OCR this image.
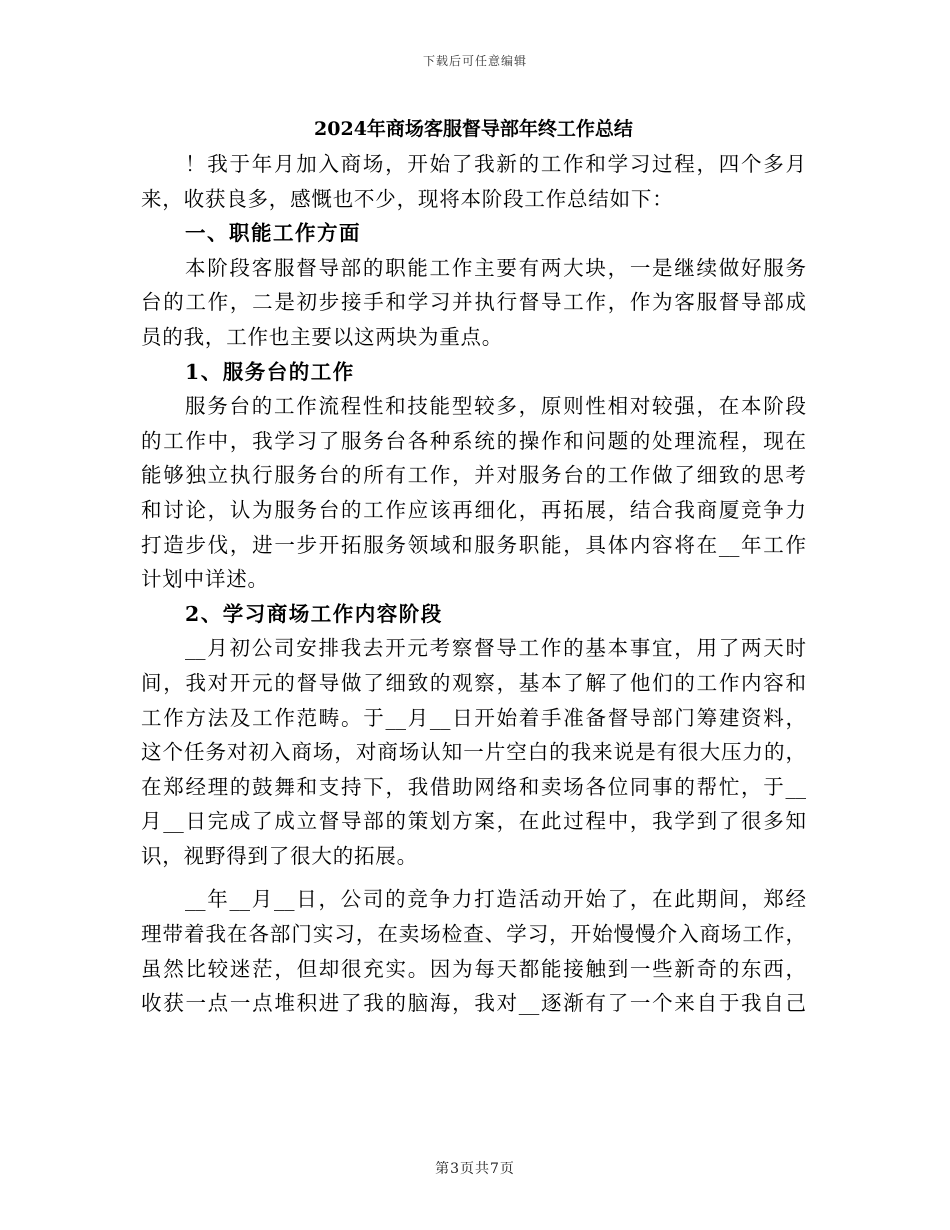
下载后可任意编辑
2024年商场客服督导部年终工作总结
！我于年月加入商场，开始了我新的工作和学习过程，四个多月
来，收获良多，感慨也不少，现将本阶段工作总结如下：
一、职能工作方面
本阶段客服督导部的职能工作主要有两大块，一是继续做好服务
台的工作，二是初步接手和学习并执行督导工作，作为客服督导部成
员的我，工作也主要以这两块为重点。
1、服务台的工作
服务台的工作流程性和技能型较多，原则性相对较强，在本阶段
的工作中，我学习了服务台各种系统的操作和问题的处理流程，现在
能够独立执行服务台的所有工作，并对服务台的工作做了细致的思考
和讨论，认为服务台的工作应该再细化，再拓展，结合我商厦竞争力
打造步伐，进一步开拓服务领域和服务职能，具体内容将在__年工作
计划中详述。
2、学习商场工作内容阶段
__月初公司安排我去开元考察督导工作的基本事宜，用了两天时
间，我对开元的督导做了细致的观察，基本了解了他们的工作内容和
工作方法及工作范畴。于__月__日开始着手准备督导部门筹建资料，
这个任务对初入商场，对商场认知一片空白的我来说是有很大压力的，
在郑经理的鼓舞和支持下，我借助网络和卖场各位同事的帮忙，于__
月__日完成了成立督导部的策划方案，在此过程中，我学到了很多知
识，视野得到了很大的拓展。
__年__月__日，公司的竞争力打造活动开始了，在此期间，郑经
理带着我在各部门实习，在卖场检查、学习，开始慢慢介入商场工作，
虽然比较迷茫，但却很充实。因为每天都能接触到一些新奇的东西，
收获一点一点堆积进了我的脑海，我对__逐渐有了一个来自于我自己
第3页共7页
